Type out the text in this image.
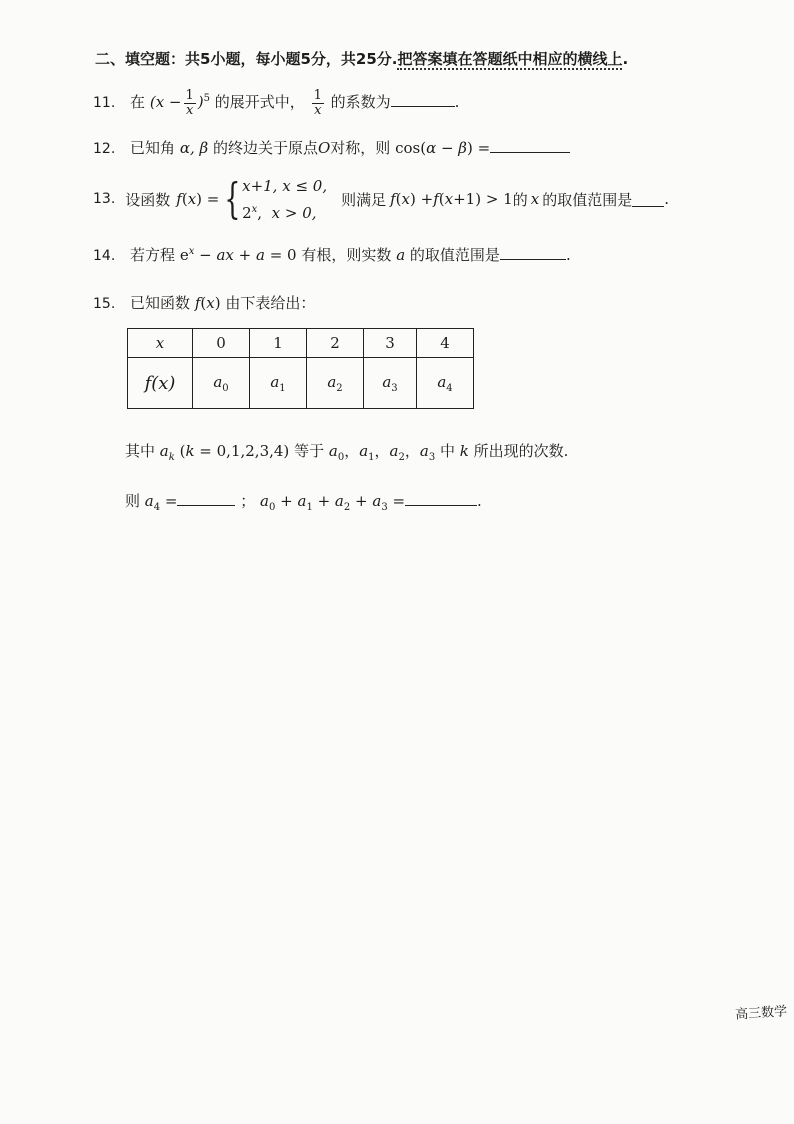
二、填空题：共5小题，每小题5分，共25分.把答案填在答题纸中相应的横线上.
11. 在 $(x - \frac{1}{x} )^5$ 的展开式中， $\frac{1}{x}$ 的系数为	.
12. 已知角 α, β 的终边关于原点O对称，则 cos(α − β) =
13. 设函数 f ( x ) = { x+1, x ≤ 0,
2$^x$, x > 0,
则满足 f ( x ) + f ( x +1) > 1 的 x 的取值范围是 .
14. 若方程 $e^x$ − ax + a = 0 有根，则实数 a 的取值范围是	.
15. 已知函数 f(x) 由下表给出：
x	0	1	2	3	4
f(x)	$a_0$	$a_1$	$a_2$	$a_3$	$a_4$
其中 $a_k$ (k = 0,1,2,3,4) 等于 $a_0$，$a_1$，$a_2$，$a_3$ 中 k 所出现的次数.
则 $a_4$ =	； $a_0 + a_1 + a_2 + a_3$ =	.
高三数学
